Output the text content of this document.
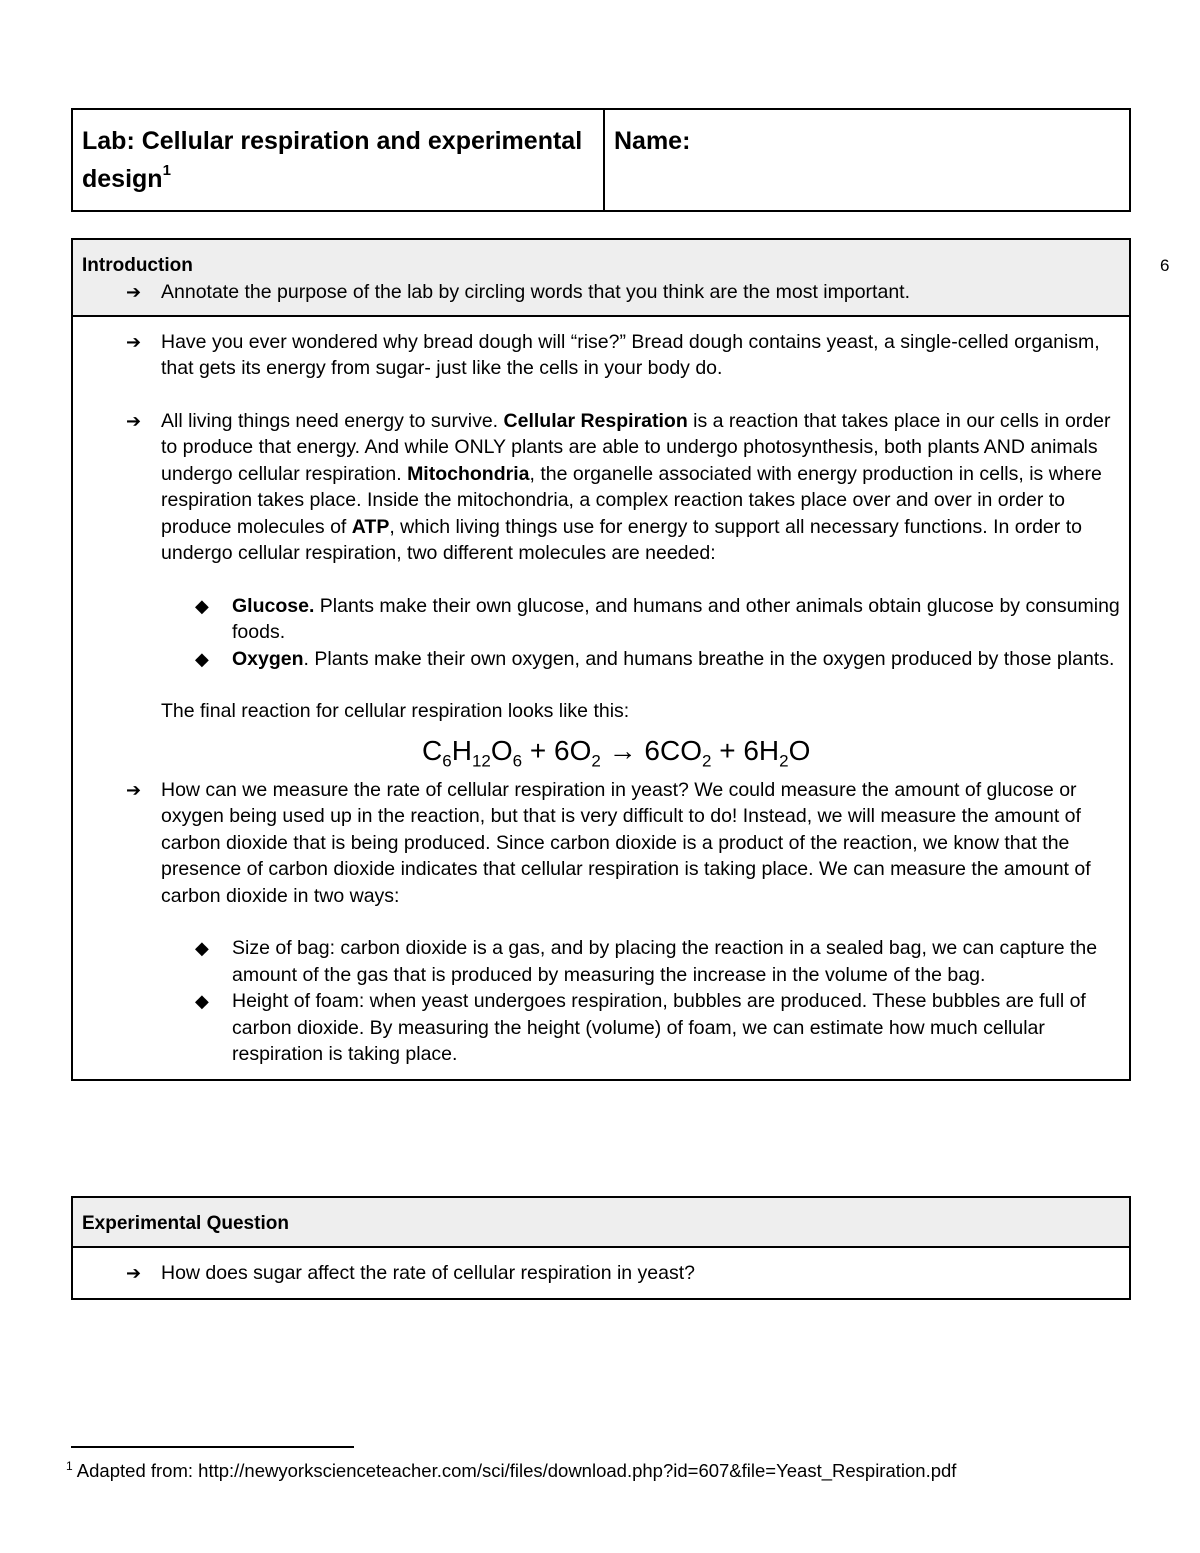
6
Lab: Cellular respiration and experimental design$^1$	Name:
Introduction
➔ Annotate the purpose of the lab by circling words that you think are the most important.

➔ Have you ever wondered why bread dough will “rise?” Bread dough contains yeast, a single-celled organism, that gets its energy from sugar- just like the cells in your body do.
➔ All living things need energy to survive. Cellular Respiration is a reaction that takes place in our cells in order to produce that energy. And while ONLY plants are able to undergo photosynthesis, both plants AND animals undergo cellular respiration. Mitochondria, the organelle associated with energy production in cells, is where respiration takes place. Inside the mitochondria, a complex reaction takes place over and over in order to produce molecules of ATP, which living things use for energy to support all necessary functions. In order to undergo cellular respiration, two different molecules are needed:
◆ Glucose. Plants make their own glucose, and humans and other animals obtain glucose by consuming foods.
◆ Oxygen. Plants make their own oxygen, and humans breathe in the oxygen produced by those plants.
The final reaction for cellular respiration looks like this:
$C_6H_{12}O_6 + 6O_2 \to 6CO_2 + 6H_2O$
➔ How can we measure the rate of cellular respiration in yeast? We could measure the amount of glucose or oxygen being used up in the reaction, but that is very difficult to do! Instead, we will measure the amount of carbon dioxide that is being produced. Since carbon dioxide is a product of the reaction, we know that the presence of carbon dioxide indicates that cellular respiration is taking place. We can measure the amount of carbon dioxide in two ways:
◆ Size of bag: carbon dioxide is a gas, and by placing the reaction in a sealed bag, we can capture the amount of the gas that is produced by measuring the increase in the volume of the bag.
◆ Height of foam: when yeast undergoes respiration, bubbles are produced. These bubbles are full of carbon dioxide. By measuring the height (volume) of foam, we can estimate how much cellular respiration is taking place.
Experimental Question

➔ How does sugar affect the rate of cellular respiration in yeast?
$^1$ Adapted from: http://newyorkscienceteacher.com/sci/files/download.php?id=607&file=Yeast_Respiration.pdf
